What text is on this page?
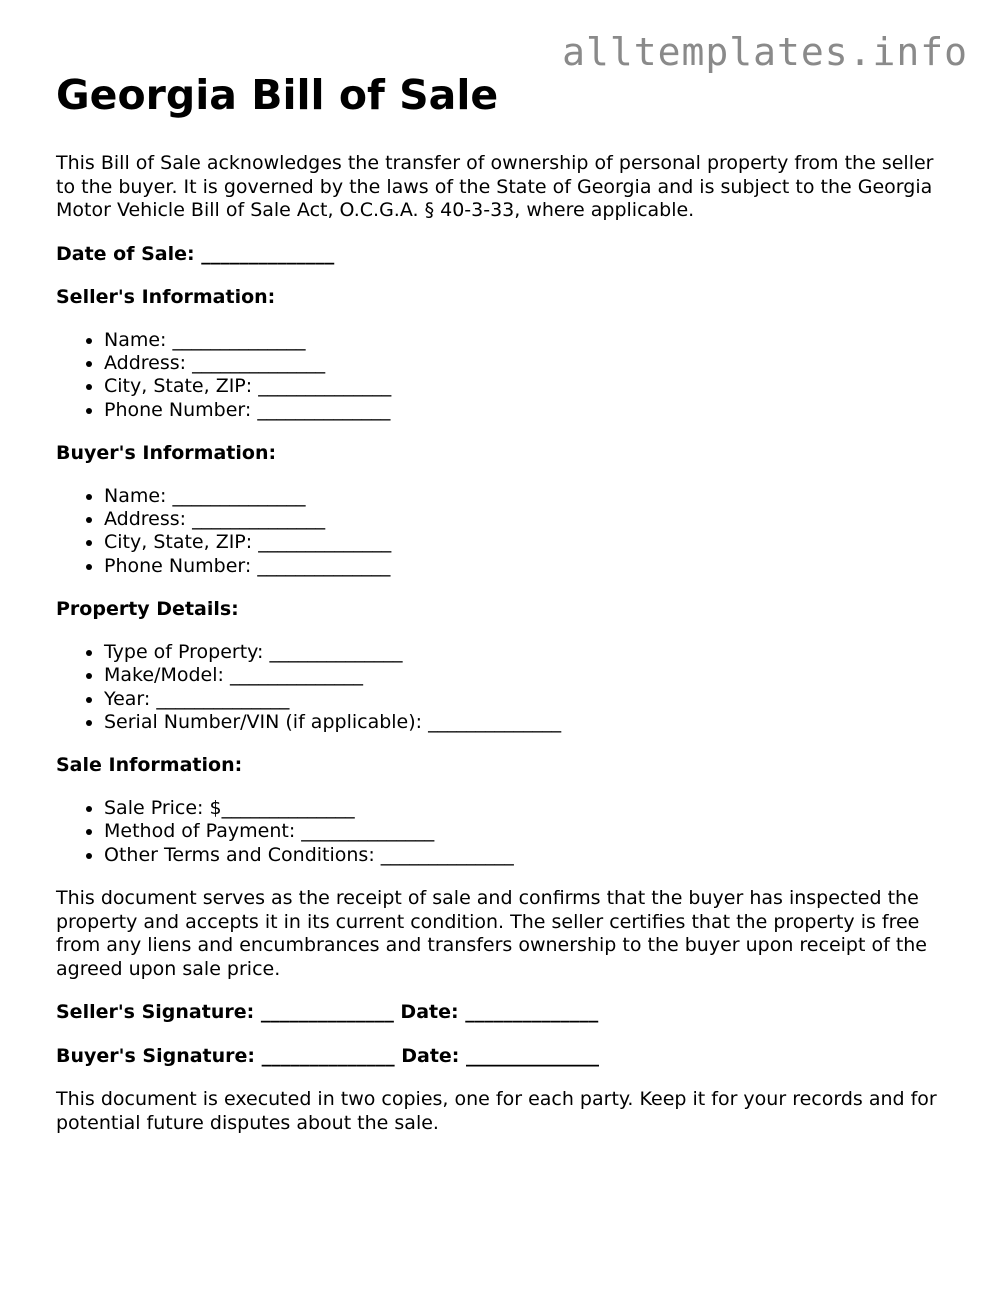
alltemplates.info
Georgia Bill of Sale

This Bill of Sale acknowledges the transfer of ownership of personal property from the seller to the buyer. It is governed by the laws of the State of Georgia and is subject to the Georgia Motor Vehicle Bill of Sale Act, O.C.G.A. § 40-3-33, where applicable.

Date of Sale: ______________
Seller's Information:
• Name: ______________
• Address: ______________
• City, State, ZIP: ______________
• Phone Number: ______________
Buyer's Information:
• Name: ______________
• Address: ______________
• City, State, ZIP: ______________
• Phone Number: ______________
Property Details:
• Type of Property: ______________
• Make/Model: ______________
• Year: ______________
• Serial Number/VIN (if applicable): ______________
Sale Information:
• Sale Price: $______________
• Method of Payment: ______________
• Other Terms and Conditions: ______________

This document serves as the receipt of sale and confirms that the buyer has inspected the property and accepts it in its current condition. The seller certifies that the property is free from any liens and encumbrances and transfers ownership to the buyer upon receipt of the agreed upon sale price.

Seller's Signature: ______________ Date: ______________
Buyer's Signature: ______________ Date: ______________

This document is executed in two copies, one for each party. Keep it for your records and for potential future disputes about the sale.
